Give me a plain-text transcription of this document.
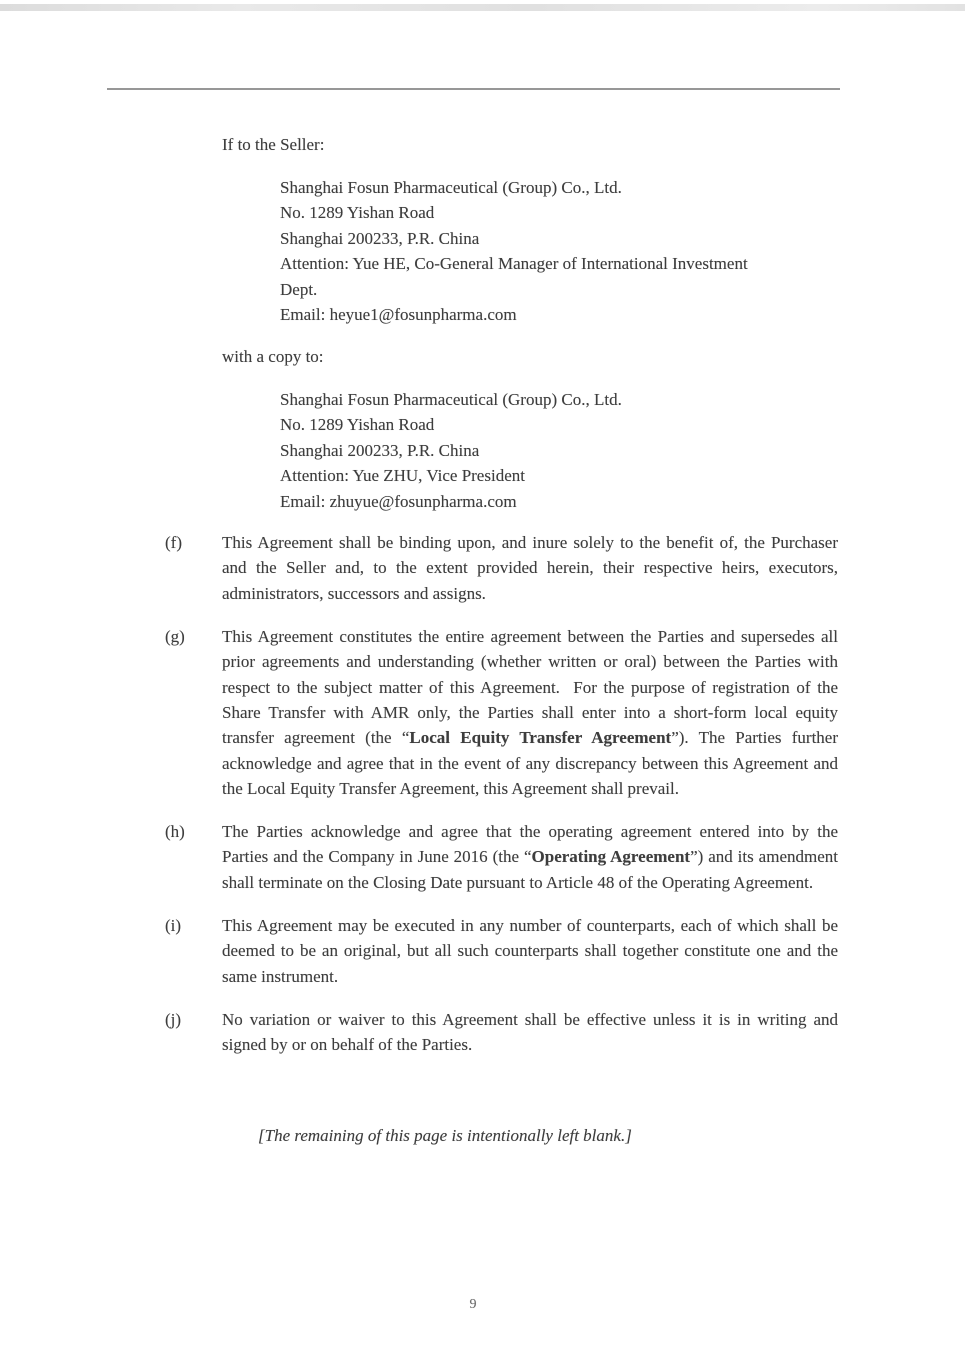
If to the Seller:
Shanghai Fosun Pharmaceutical (Group) Co., Ltd.
No. 1289 Yishan Road
Shanghai 200233, P.R. China
Attention: Yue HE, Co-General Manager of International Investment
Dept.
Email: heyue1@fosunpharma.com
with a copy to:
Shanghai Fosun Pharmaceutical (Group) Co., Ltd.
No. 1289 Yishan Road
Shanghai 200233, P.R. China
Attention: Yue ZHU, Vice President
Email: zhuyue@fosunpharma.com
(f) This Agreement shall be binding upon, and inure solely to the benefit of, the Purchaser and the Seller and, to the extent provided herein, their respective heirs, executors, administrators, successors and assigns.
(g) This Agreement constitutes the entire agreement between the Parties and supersedes all prior agreements and understanding (whether written or oral) between the Parties with respect to the subject matter of this Agreement.  For the purpose of registration of the Share Transfer with AMR only, the Parties shall enter into a short-form local equity transfer agreement (the “Local Equity Transfer Agreement”). The Parties further acknowledge and agree that in the event of any discrepancy between this Agreement and the Local Equity Transfer Agreement, this Agreement shall prevail.
(h) The Parties acknowledge and agree that the operating agreement entered into by the Parties and the Company in June 2016 (the “Operating Agreement”) and its amendment shall terminate on the Closing Date pursuant to Article 48 of the Operating Agreement.
(i) This Agreement may be executed in any number of counterparts, each of which shall be deemed to be an original, but all such counterparts shall together constitute one and the same instrument.
(j) No variation or waiver to this Agreement shall be effective unless it is in writing and signed by or on behalf of the Parties.
[The remaining of this page is intentionally left blank.]
9
